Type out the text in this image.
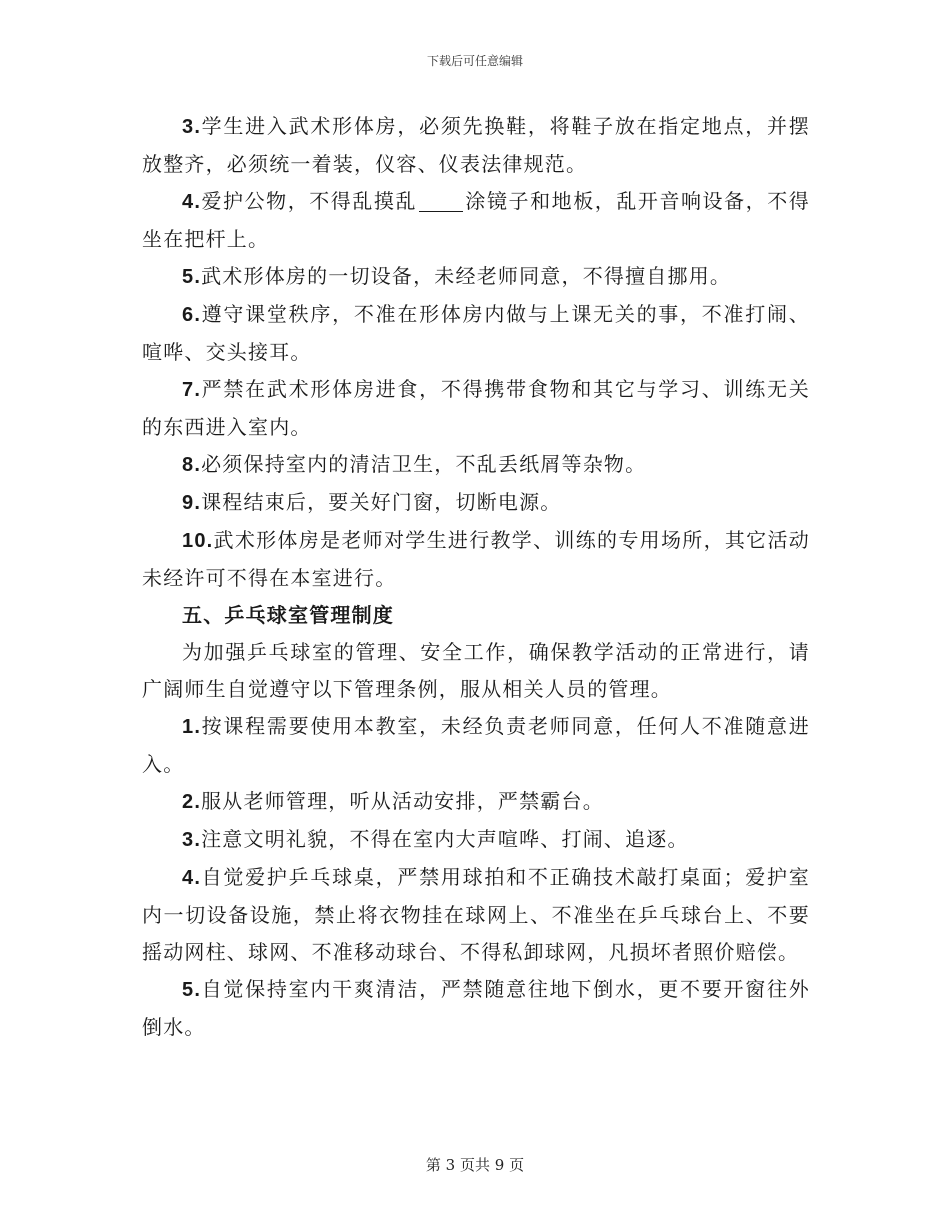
下载后可任意编辑

3.学生进入武术形体房，必须先换鞋，将鞋子放在指定地点，并摆放整齐，必须统一着装，仪容、仪表法律规范。

4.爱护公物，不得乱摸乱 涂镜子和地板，乱开音响设备，不得坐在把杆上。

5.武术形体房的一切设备，未经老师同意，不得擅自挪用。

6.遵守课堂秩序，不准在形体房内做与上课无关的事，不准打闹、喧哗、交头接耳。

7.严禁在武术形体房进食，不得携带食物和其它与学习、训练无关的东西进入室内。

8.必须保持室内的清洁卫生，不乱丢纸屑等杂物。

9.课程结束后，要关好门窗，切断电源。

10.武术形体房是老师对学生进行教学、训练的专用场所，其它活动未经许可不得在本室进行。

五、乒乓球室管理制度

为加强乒乓球室的管理、安全工作，确保教学活动的正常进行，请广阔师生自觉遵守以下管理条例，服从相关人员的管理。

1.按课程需要使用本教室，未经负责老师同意，任何人不准随意进入。

2.服从老师管理，听从活动安排，严禁霸台。

3.注意文明礼貌，不得在室内大声喧哗、打闹、追逐。

4.自觉爱护乒乓球桌，严禁用球拍和不正确技术敲打桌面；爱护室内一切设备设施，禁止将衣物挂在球网上、不准坐在乒乓球台上、不要摇动网柱、球网、不准移动球台、不得私卸球网，凡损坏者照价赔偿。

5.自觉保持室内干爽清洁，严禁随意往地下倒水，更不要开窗往外倒水。

第 3 页共 9 页
